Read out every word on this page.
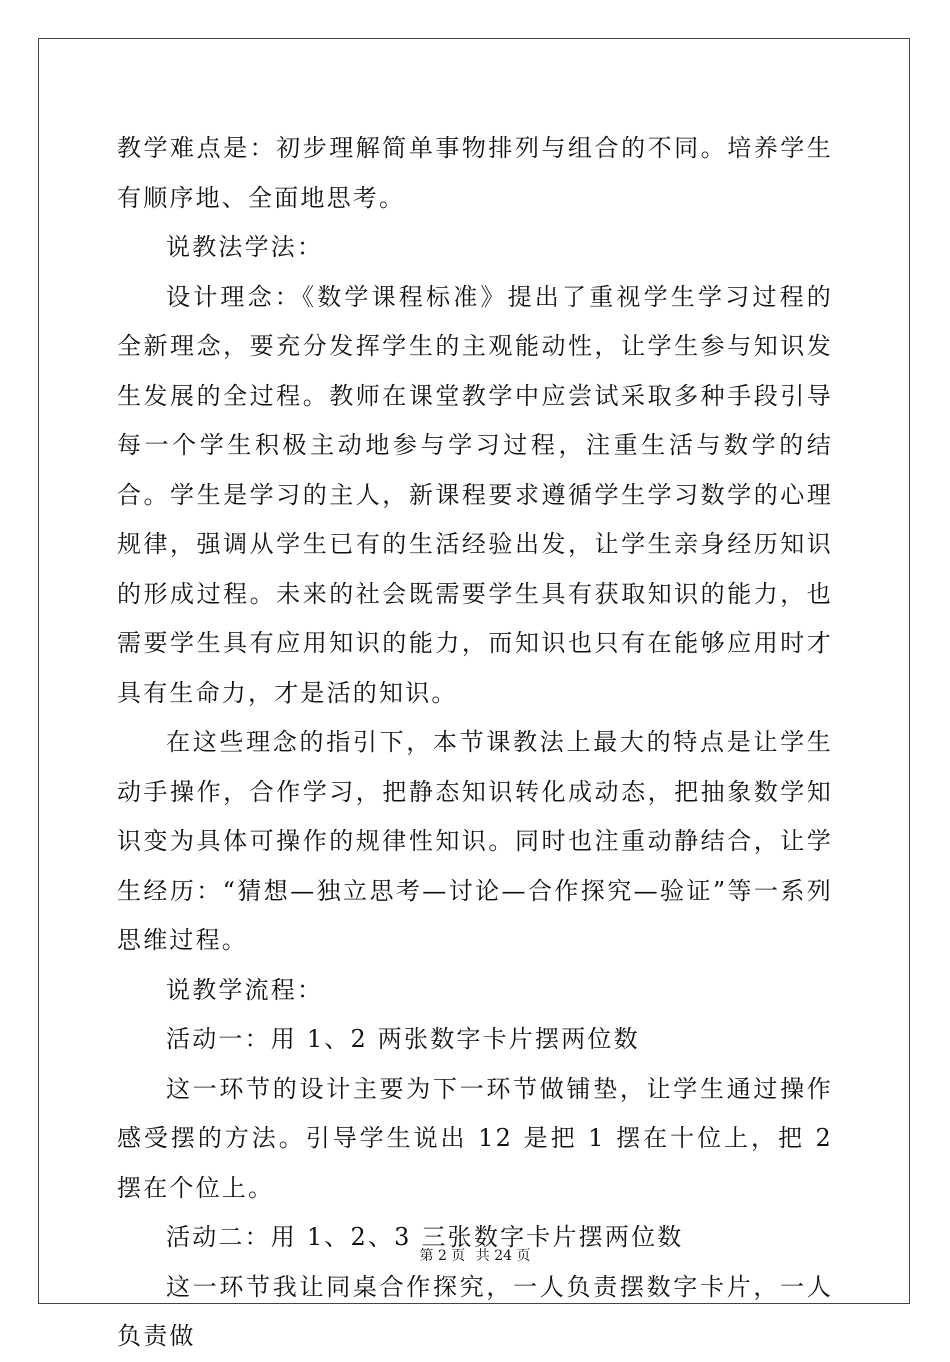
教学难点是：初步理解简单事物排列与组合的不同。培养学生有顺序地、全面地思考。

说教法学法：

设计理念：《数学课程标准》提出了重视学生学习过程的全新理念，要充分发挥学生的主观能动性，让学生参与知识发生发展的全过程。教师在课堂教学中应尝试采取多种手段引导每一个学生积极主动地参与学习过程，注重生活与数学的结合。学生是学习的主人，新课程要求遵循学生学习数学的心理规律，强调从学生已有的生活经验出发，让学生亲身经历知识的形成过程。未来的社会既需要学生具有获取知识的能力，也需要学生具有应用知识的能力，而知识也只有在能够应用时才具有生命力，才是活的知识。

在这些理念的指引下，本节课教法上最大的特点是让学生动手操作，合作学习，把静态知识转化成动态，把抽象数学知识变为具体可操作的规律性知识。同时也注重动静结合，让学生经历：“猜想—独立思考—讨论—合作探究—验证”等一系列思维过程。

说教学流程：

活动一：用 1、2 两张数字卡片摆两位数

这一环节的设计主要为下一环节做铺垫，让学生通过操作感受摆的方法。引导学生说出 12 是把 1 摆在十位上，把 2 摆在个位上。

活动二：用 1、2、3 三张数字卡片摆两位数

这一环节我让同桌合作探究，一人负责摆数字卡片，一人负责做

第 2 页 共 24 页
